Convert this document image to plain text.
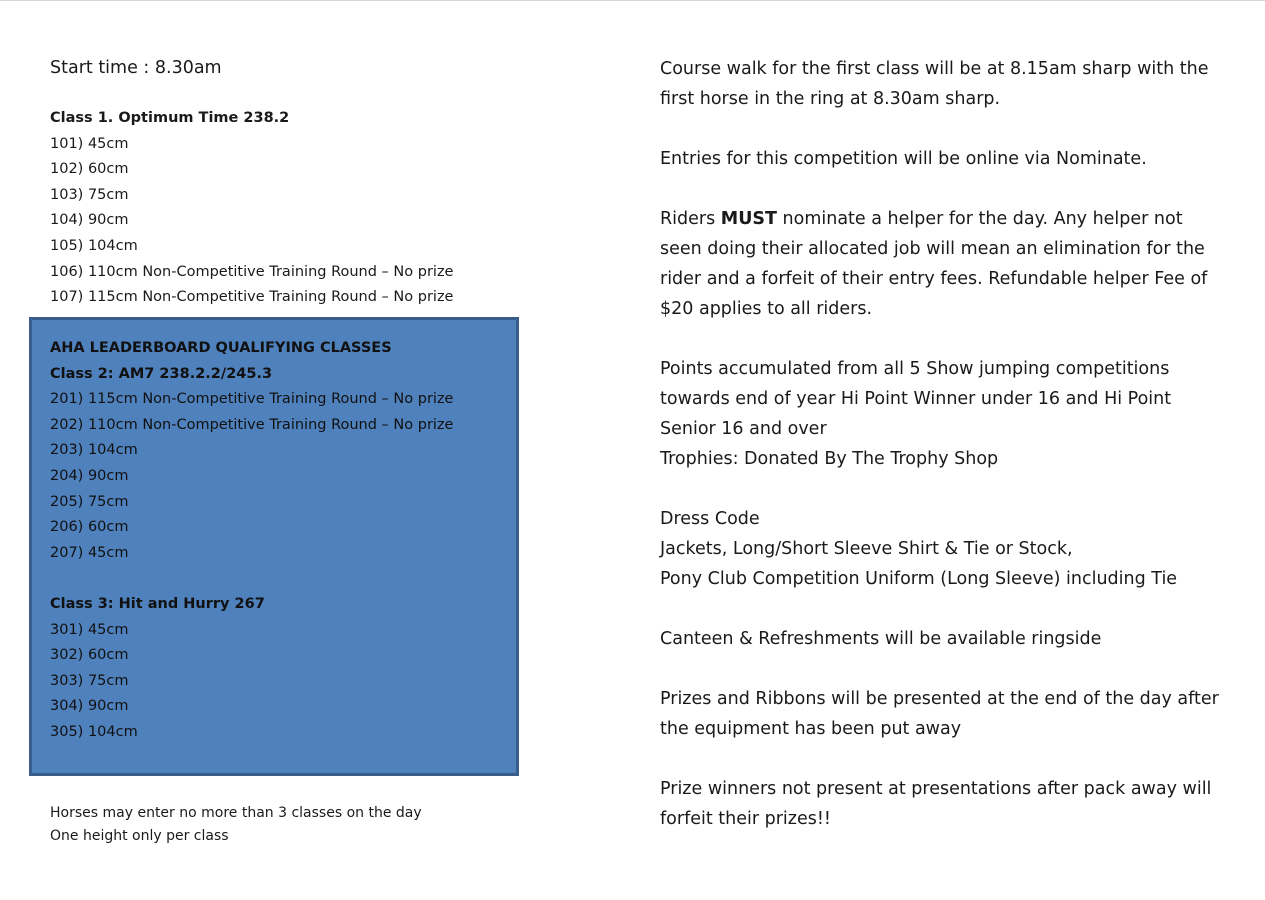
Start time : 8.30am
Class 1. Optimum Time 238.2
101) 45cm
102) 60cm
103) 75cm
104) 90cm
105) 104cm
106) 110cm Non-Competitive Training Round – No prize
107) 115cm Non-Competitive Training Round – No prize
AHA LEADERBOARD QUALIFYING CLASSES
Class 2: AM7 238.2.2/245.3
201) 115cm Non-Competitive Training Round – No prize
202) 110cm Non-Competitive Training Round – No prize
203) 104cm
204) 90cm
205) 75cm
206) 60cm
207) 45cm
Class 3: Hit and Hurry 267
301) 45cm
302) 60cm
303) 75cm
304) 90cm
305) 104cm
Horses may enter no more than 3 classes on the day
One height only per class
Course walk for the first class will be at 8.15am sharp with the
first horse in the ring at 8.30am sharp.
Entries for this competition will be online via Nominate.
Riders MUST nominate a helper for the day. Any helper not
seen doing their allocated job will mean an elimination for the
rider and a forfeit of their entry fees. Refundable helper Fee of
$20 applies to all riders.
Points accumulated from all 5 Show jumping competitions
towards end of year Hi Point Winner under 16 and Hi Point
Senior 16 and over
Trophies: Donated By The Trophy Shop
Dress Code
Jackets, Long/Short Sleeve Shirt & Tie or Stock,
Pony Club Competition Uniform (Long Sleeve) including Tie
Canteen & Refreshments will be available ringside
Prizes and Ribbons will be presented at the end of the day after
the equipment has been put away
Prize winners not present at presentations after pack away will
forfeit their prizes!!
